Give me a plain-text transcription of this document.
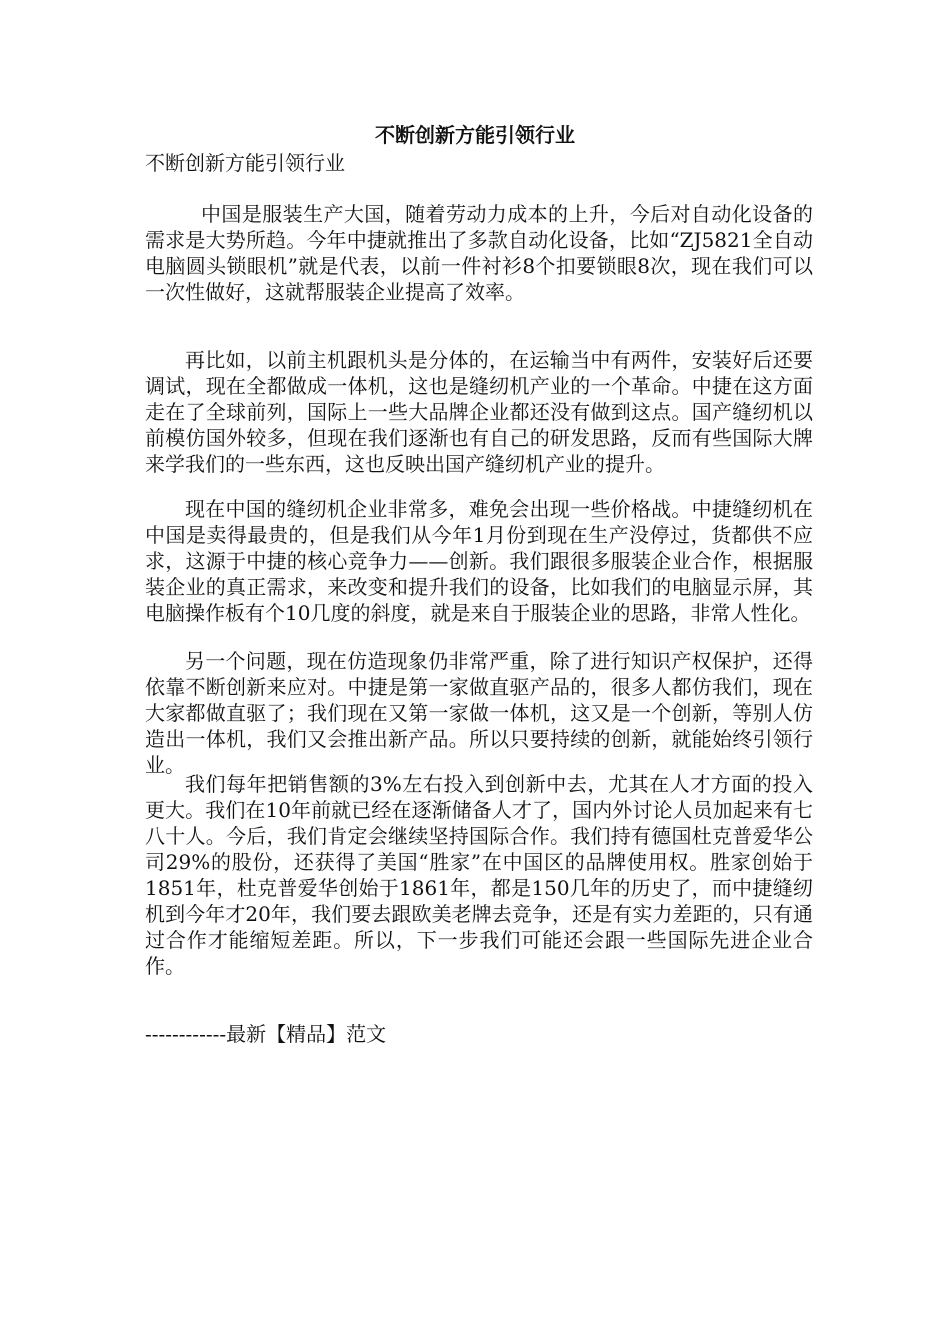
不断创新方能引领行业
不断创新方能引领行业

中国是服装生产大国，随着劳动力成本的上升，今后对自动化设备的需求是大势所趋。今年中捷就推出了多款自动化设备，比如“ZJ5821全自动电脑圆头锁眼机”就是代表，以前一件衬衫8个扣要锁眼8次，现在我们可以一次性做好，这就帮服装企业提高了效率。

再比如，以前主机跟机头是分体的，在运输当中有两件，安装好后还要调试，现在全都做成一体机，这也是缝纫机产业的一个革命。中捷在这方面走在了全球前列，国际上一些大品牌企业都还没有做到这点。国产缝纫机以前模仿国外较多，但现在我们逐渐也有自己的研发思路，反而有些国际大牌来学我们的一些东西，这也反映出国产缝纫机产业的提升。

现在中国的缝纫机企业非常多，难免会出现一些价格战。中捷缝纫机在中国是卖得最贵的，但是我们从今年1月份到现在生产没停过，货都供不应求，这源于中捷的核心竞争力——创新。我们跟很多服装企业合作，根据服装企业的真正需求，来改变和提升我们的设备，比如我们的电脑显示屏，其电脑操作板有个10几度的斜度，就是来自于服装企业的思路，非常人性化。

另一个问题，现在仿造现象仍非常严重，除了进行知识产权保护，还得依靠不断创新来应对。中捷是第一家做直驱产品的，很多人都仿我们，现在大家都做直驱了；我们现在又第一家做一体机，这又是一个创新，等别人仿造出一体机，我们又会推出新产品。所以只要持续的创新，就能始终引领行业。

我们每年把销售额的3%左右投入到创新中去，尤其在人才方面的投入更大。我们在10年前就已经在逐渐储备人才了，国内外讨论人员加起来有七八十人。今后，我们肯定会继续坚持国际合作。我们持有德国杜克普爱华公司29%的股份，还获得了美国“胜家”在中国区的品牌使用权。胜家创始于1851年，杜克普爱华创始于1861年，都是150几年的历史了，而中捷缝纫机到今年才20年，我们要去跟欧美老牌去竞争，还是有实力差距的，只有通过合作才能缩短差距。所以，下一步我们可能还会跟一些国际先进企业合作。

------------最新【精品】范文
